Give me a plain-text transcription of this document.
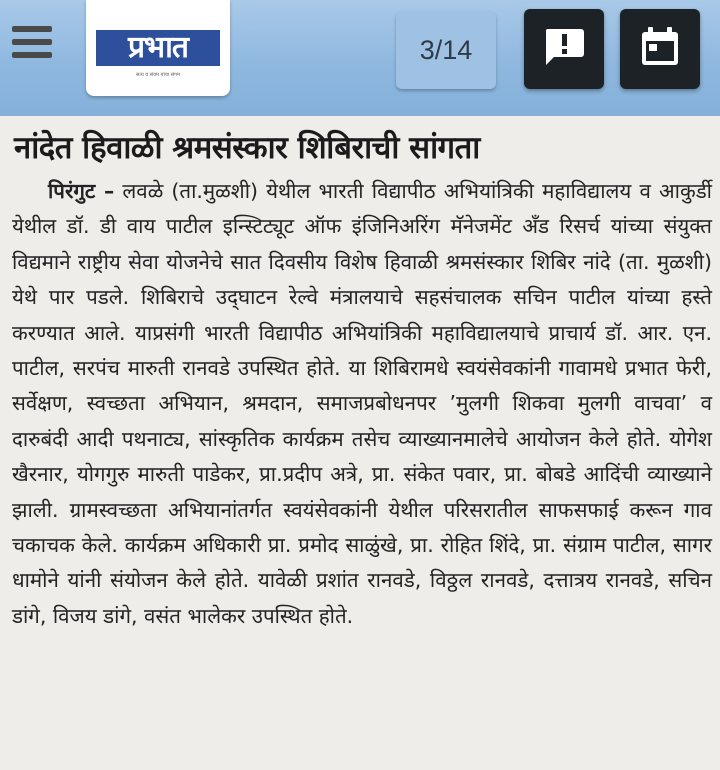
प्रभात
सत्य व संयम यांचा संगम
3/14
नांदेत हिवाळी श्रमसंस्कार शिबिराची सांगता

पिरंगुट – लवळे (ता.मुळशी) येथील भारती विद्यापीठ अभियांत्रिकी महाविद्यालय व आकुर्डी येथील डॉ. डी वाय पाटील इन्स्टिट्यूट ऑफ इंजिनिअरिंग मॅनेजमेंट अँड रिसर्च यांच्या संयुक्त विद्यमाने राष्ट्रीय सेवा योजनेचे सात दिवसीय विशेष हिवाळी श्रमसंस्कार शिबिर नांदे (ता. मुळशी) येथे पार पडले. शिबिराचे उद्‌घाटन रेल्वे मंत्रालयाचे सहसंचालक सचिन पाटील यांच्या हस्ते करण्यात आले. याप्रसंगी भारती विद्यापीठ अभियांत्रिकी महाविद्यालयाचे प्राचार्य डॉ. आर. एन. पाटील, सरपंच मारुती रानवडे उपस्थित होते. या शिबिरामधे स्वयंसेवकांनी गावामधे प्रभात फेरी, सर्वेक्षण, स्वच्छता अभियान, श्रमदान, समाजप्रबोधनपर ’मुलगी शिकवा मुलगी वाचवा’ व दारुबंदी आदी पथनाट्य, सांस्कृतिक कार्यक्रम तसेच व्याख्यानमालेचे आयोजन केले होते. योगेश खैरनार, योगगुरु मारुती पाडेकर, प्रा.प्रदीप अत्रे, प्रा. संकेत पवार, प्रा. बोबडे आदिंची व्याख्याने झाली. ग्रामस्वच्छता अभियानांतर्गत स्वयंसेवकांनी येथील परिसरातील साफसफाई करून गाव चकाचक केले. कार्यक्रम अधिकारी प्रा. प्रमोद साळुंखे, प्रा. रोहित शिंदे, प्रा. संग्राम पाटील, सागर धामोने यांनी संयोजन केले होते. यावेळी प्रशांत रानवडे, विठ्ठल रानवडे, दत्तात्रय रानवडे, सचिन डांगे, विजय डांगे, वसंत भालेकर उपस्थित होते.
